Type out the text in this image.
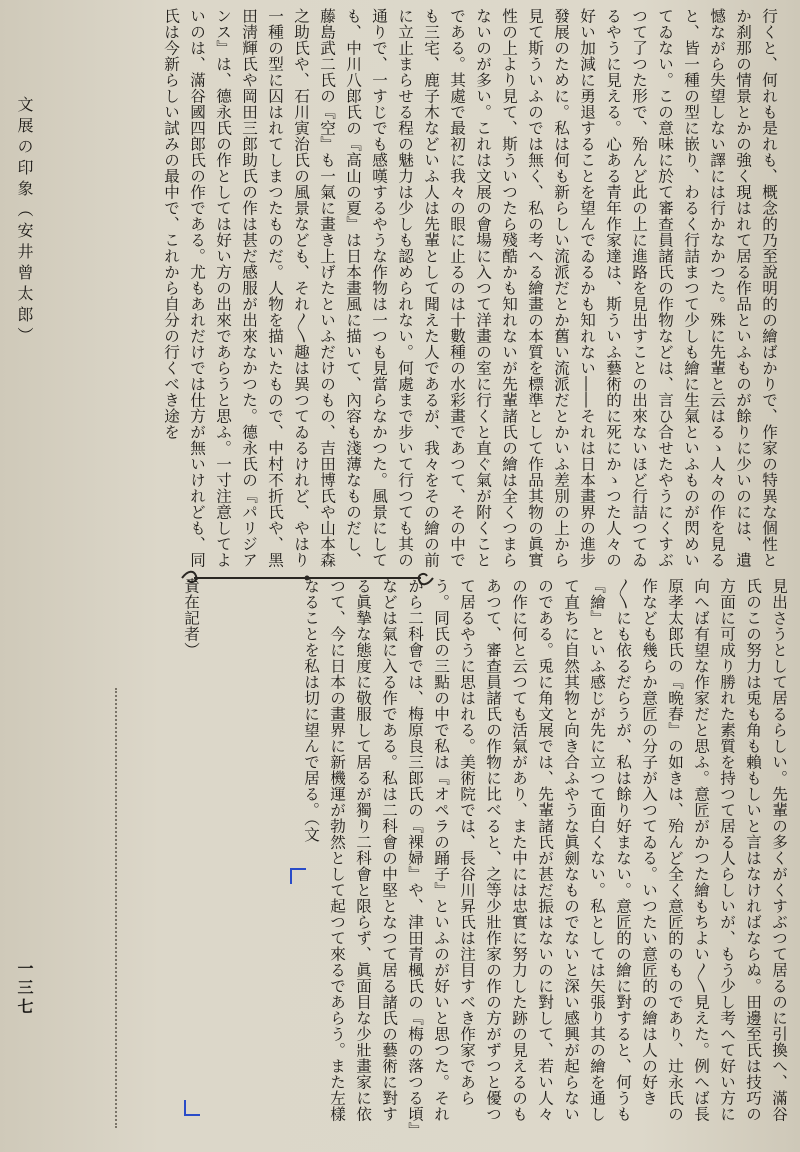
文展の印象（安井曾太郎）
一三七
行くと、何れも是れも、概念的乃至說明的の繪ばかりで、作家の特異な個性とか刹那の情景とかの強く現はれて居る作品といふものが餘りに少いのには、遺憾ながら失望しない譯には行かなかつた。殊に先輩と云はるゝ人々の作を見ると、皆一種の型に嵌り、わるく行詰まつて少しも繪に生氣といふものが閃めいてゐない。この意味に於て審查員諸氏の作物などは、言ひ合せたやうにくすぶつて了つた形で、殆んど此の上に進路を見出すことの出來ないほど行詰つてゐるやうに見える。心ある青年作家達は、斯ういふ藝術的に死にかゝつた人々の好い加減に勇退することを望んでゐるかも知れない――それは日本畫界の進步發展のために。私は何も新らしい流派だとか舊い流派だとかいふ差別の上から見て斯ういふのでは無く、私の考へる繪畫の本質を標準として作品其物の眞實性の上より見て、斯ういつたら殘酷かも知れないが先輩諸氏の繪は全くつまらないのが多い。これは文展の會場に入つて洋畫の室に行くと直ぐ氣が附くことである。其處で最初に我々の眼に止るのは十數種の水彩畫であつて、その中でも三宅、鹿子木などいふ人は先輩として聞えた人であるが、我々をその繪の前に立止まらせる程の魅力は少しも認められない。何處まで步いて行つても其の通りで、一すじでも感嘆するやうな作物は一つも見當らなかつた。風景にしても、中川八郎氏の『高山の夏』は日本畫風に描いて、內容も淺薄なものだし、藤島武二氏の『空』も一氣に畫き上げたといふだけのもの、吉田博氏や山本森之助氏や、石川寅治氏の風景なども、それ〳〵趣は異つてゐるけれど、やはり一種の型に囚はれてしまつたものだ。人物を描いたもので、中村不折氏や、黑田淸輝氏や岡田三郎助氏の作は甚だ感服が出來なかつた。德永氏の『パリジアンス』は、德永氏の作としては好い方の出來であらうと思ふ。一寸注意してよいのは、滿谷國四郎氏の作である。尤もあれだけでは仕方が無いけれども、同氏は今新らしい試みの最中で、これから自分の行くべき途を
見出さうとして居るらしい。先輩の多くがくすぶつて居るのに引換へ、滿谷氏のこの努力は兎も角も賴もしいと言はなければならぬ。田邊至氏は技巧の方面に可成り勝れた素質を持つて居る人らしいが、もう少し考へて好い方に向へば有望な作家だと思ふ。意匠がかつた繪もちよい〳〵見えた。例へば長原孝太郎氏の『晩春』の如きは、殆んど全く意匠的のものであり、辻永氏の作なども幾らか意匠の分子が入つてゐる。いつたい意匠的の繪は人の好き〳〵にも依るだらうが、私は餘り好まない。意匠的の繪に對すると、何うも『繪』といふ感じが先に立つて面白くない。私としては矢張り其の繪を通して直ちに自然其物と向き合ふやうな眞劍なものでないと深い感興が起らないのである。兎に角文展では、先輩諸氏が甚だ振はないのに對して、若い人々の作に何と云つても活氣があり、また中には忠實に努力した跡の見えるのもあつて、審查員諸氏の作物に比べると、之等少壯作家の作の方がずつと優つて居るやうに思はれる。美術院では、長谷川昇氏は注目すべき作家であらう。同氏の三點の中で私は『オペラの踊子』といふのが好いと思つた。それから二科會では、梅原良三郎氏の『裸婦』や、津田青楓氏の『梅の落つる頃』などは氣に入る作である。私は二科會の中堅となつて居る諸氏の藝術に對する眞摯な態度に敬服して居るが獨り二科會と限らず、眞面目な少壯畫家に依つて、今に日本の畫界に新機運が勃然として起つて來るであらう。また左樣なることを私は切に望んで居る。（文
責在記者）
